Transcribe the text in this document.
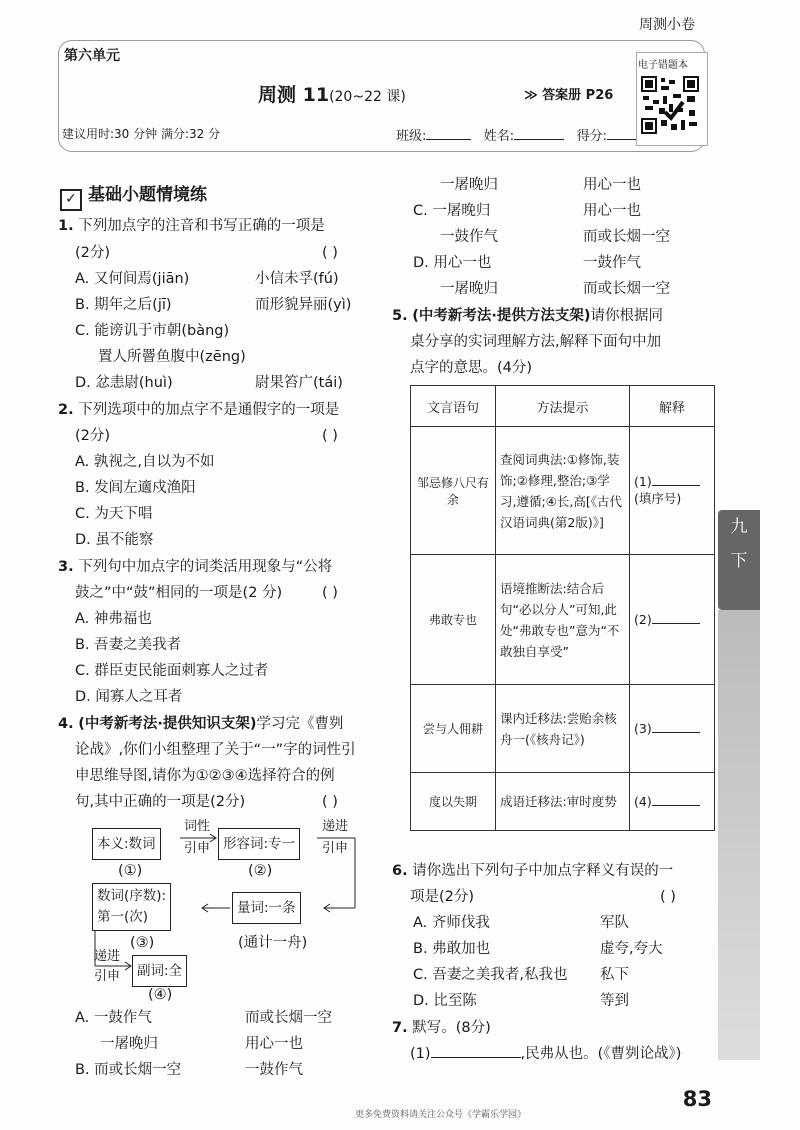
周测小卷
第六单元
周测 11(20~22 课)	≫ 答案册 P26
建议用时:30 分钟 满分:32 分	班级:	姓名:	得分:
电子错题本
✓ 基础小题情境练
1. 下列加点字的注音和书写正确的一项是
(2分)	( )
A. 又何间焉(jiān)	小信未孚(fú)
B. 期年之后(jī)	而形貌异丽(yì)
C. 能谤讥于市朝(bàng)
置人所罾鱼腹中(zēng)
D. 忿恚尉(huì)	尉果笞广(tái)
2. 下列选项中的加点字不是通假字的一项是
(2分)	( )
A. 孰视之,自以为不如
B. 发闾左適戍渔阳
C. 为天下唱
D. 虽不能察
3. 下列句中加点字的词类活用现象与“公将
鼓之”中“鼓”相同的一项是(2 分)	( )
A. 神弗福也
B. 吾妻之美我者
C. 群臣吏民能面刺寡人之过者
D. 闻寡人之耳者
4. (中考新考法·提供知识支架)学习完《曹刿
论战》,你们小组整理了关于“一”字的词性引
申思维导图,请你为①②③④选择符合的例
句,其中正确的一项是(2分)	( )
本义:数词
词性
引申 形容词:专一
递进
引申
(①)	(②)
数词(序数):
第一(次)
量词:一条
(③)	(通计一舟)
递进
引申	副词:全
(④)
A. 一鼓作气	而或长烟一空
一屠晚归	用心一也
B. 而或长烟一空	一鼓作气
一屠晚归	用心一也
C. 一屠晚归	用心一也
一鼓作气	而或长烟一空
D. 用心一也	一鼓作气
一屠晚归	而或长烟一空
5. (中考新考法·提供方法支架)请你根据同
桌分享的实词理解方法,解释下面句中加
点字的意思。(4分)
文言语句	方法提示	解释
邹忌修八尺有余	查阅词典法:①修饰,装饰;②修理,整治;③学习,遵循;④长,高[《古代汉语词典(第2版)》]	(1)
(填序号)
弗敢专也	语境推断法:结合后句“必以分人”可知,此处“弗敢专也”意为“不敢独自享受”	(2)
尝与人佣耕	课内迁移法:尝贻余核舟一(《核舟记》)	(3)
度以失期	成语迁移法:审时度势	(4)
6. 请你选出下列句子中加点字释义有误的一
项是(2分)	( )
A. 齐师伐我	军队
B. 弗敢加也	虚夸,夸大
C. 吾妻之美我者,私我也 私下
D. 比至陈	等到
7. 默写。(8分)
(1)	,民弗从也。(《曹刿论战》)
九
下
83
更多免费资料请关注公众号《学霸乐学园》
